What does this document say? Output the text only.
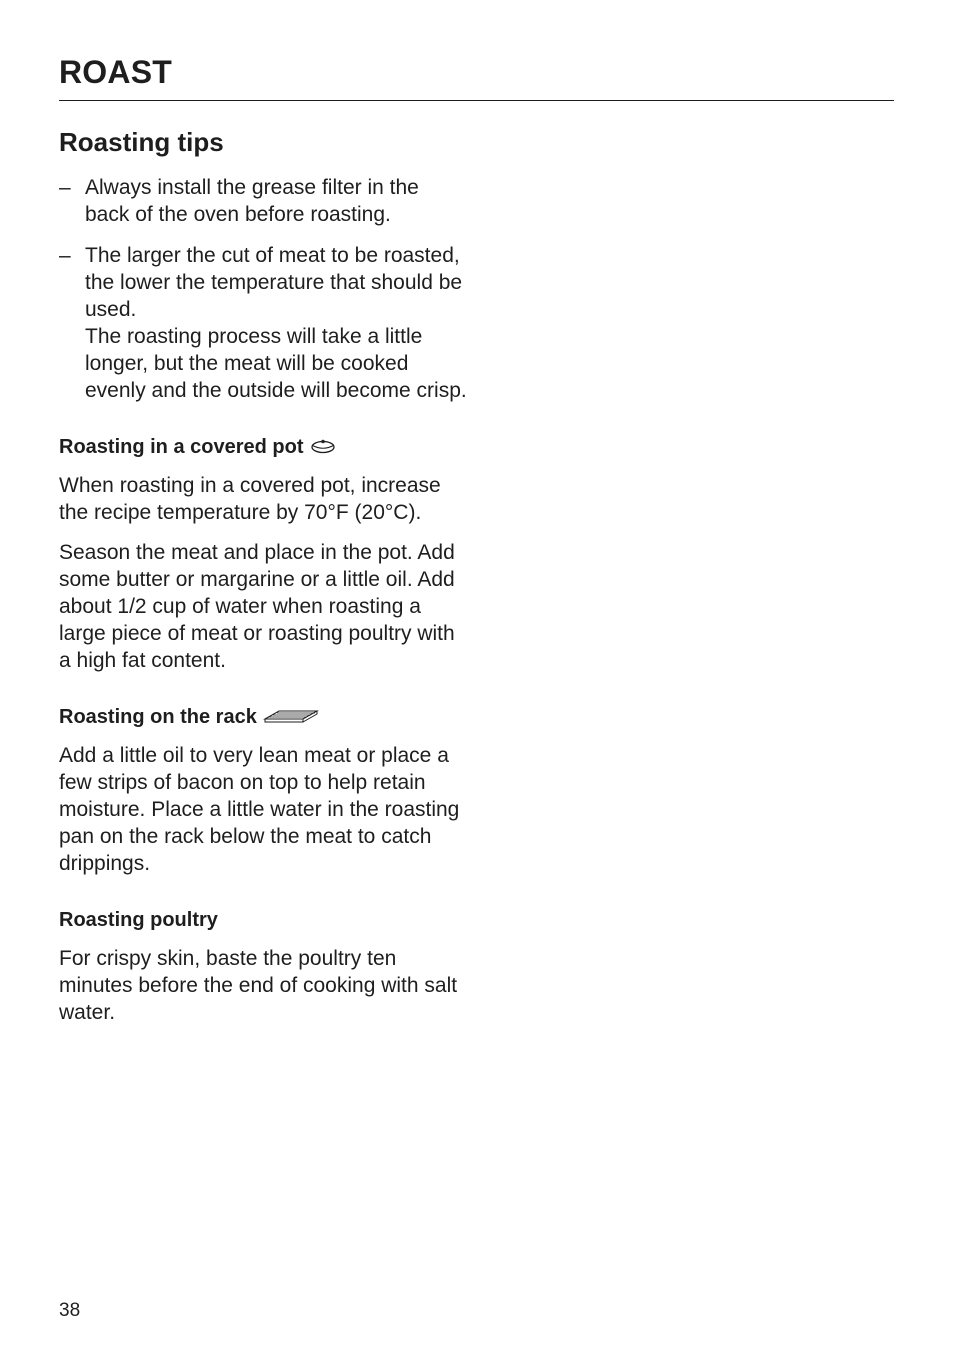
ROAST
Roasting tips
– Always install the grease filter in the back of the oven before roasting.

– The larger the cut of meat to be roasted, the lower the temperature that should be used.

The roasting process will take a little longer, but the meat will be cooked evenly and the outside will become crisp.

Roasting in a covered pot

When roasting in a covered pot, increase the recipe temperature by 70°F (20°C).

Season the meat and place in the pot. Add some butter or margarine or a little oil. Add about 1/2 cup of water when roasting a large piece of meat or roasting poultry with a high fat content.

Roasting on the rack

Add a little oil to very lean meat or place a few strips of bacon on top to help retain moisture. Place a little water in the roasting pan on the rack below the meat to catch drippings.

Roasting poultry

For crispy skin, baste the poultry ten minutes before the end of cooking with salt water.

38
